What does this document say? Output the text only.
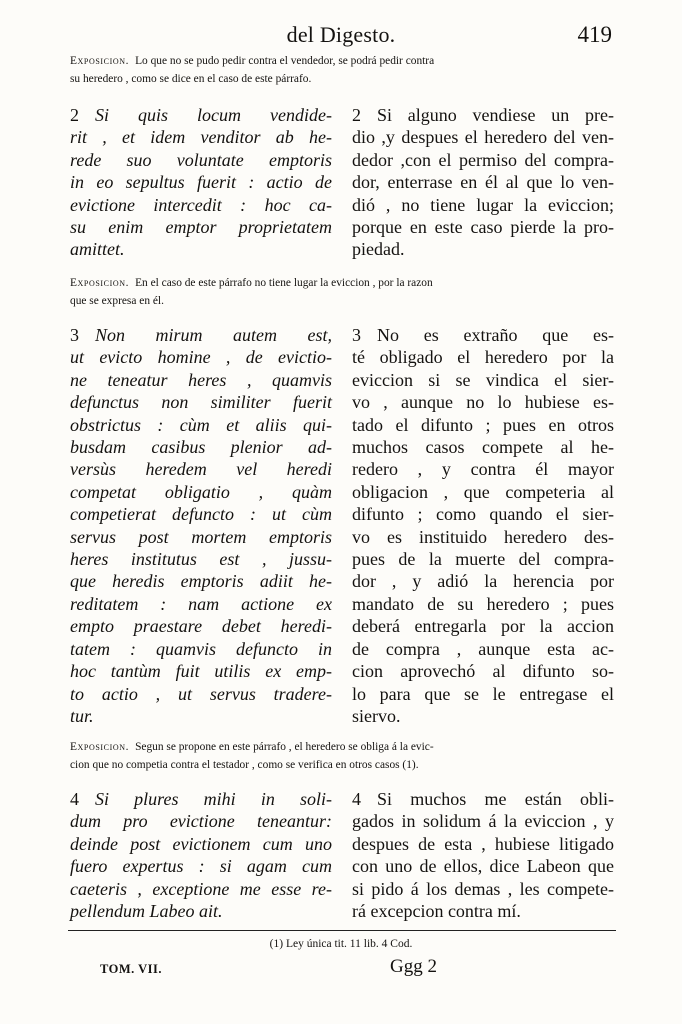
del Digesto.	419
Exposicion. Lo que no se pudo pedir contra el vendedor, se podrá pedir contra
su heredero , como se dice en el caso de este párrafo.
2 Si quis locum vendide-
rit , et idem venditor ab he-
rede suo voluntate emptoris
in eo sepultus fuerit : actio de
evictione intercedit : hoc ca-
su enim emptor proprietatem
amittet.
2 Si alguno vendiese un pre-
dio ,y despues el heredero del ven-
dedor ,con el permiso del compra-
dor, enterrase en él al que lo ven-
dió , no tiene lugar la eviccion;
porque en este caso pierde la pro-
piedad.
Exposicion. En el caso de este párrafo no tiene lugar la eviccion , por la razon
que se expresa en él.
3 Non mirum autem est,
ut evicto homine , de evictio-
ne teneatur heres , quamvis
defunctus non similiter fuerit
obstrictus : cùm et aliis qui-
busdam casibus plenior ad-
versùs heredem vel heredi
competat obligatio , quàm
competierat defuncto : ut cùm
servus post mortem emptoris
heres institutus est , jussu-
que heredis emptoris adiit he-
reditatem : nam actione ex
empto praestare debet heredi-
tatem : quamvis defuncto in
hoc tantùm fuit utilis ex emp-
to actio , ut servus tradere-
tur.
3 No es extraño que es-
té obligado el heredero por la
eviccion si se vindica el sier-
vo , aunque no lo hubiese es-
tado el difunto ; pues en otros
muchos casos compete al he-
redero , y contra él mayor
obligacion , que competeria al
difunto ; como quando el sier-
vo es instituido heredero des-
pues de la muerte del compra-
dor , y adió la herencia por
mandato de su heredero ; pues
deberá entregarla por la accion
de compra , aunque esta ac-
cion aprovechó al difunto so-
lo para que se le entregase el
siervo.
Exposicion. Segun se propone en este párrafo , el heredero se obliga á la evic-
cion que no competia contra el testador , como se verifica en otros casos (1).
4 Si plures mihi in soli-
dum pro evictione teneantur:
deinde post evictionem cum uno
fuero expertus : si agam cum
caeteris , exceptione me esse re-
pellendum Labeo ait.
4 Si muchos me están obli-
gados in solidum á la eviccion , y
despues de esta , hubiese litigado
con uno de ellos, dice Labeon que
si pido á los demas , les compete-
rá excepcion contra mí.
(1) Ley única tit. 11 lib. 4 Cod.
TOM. VII.	Ggg 2
